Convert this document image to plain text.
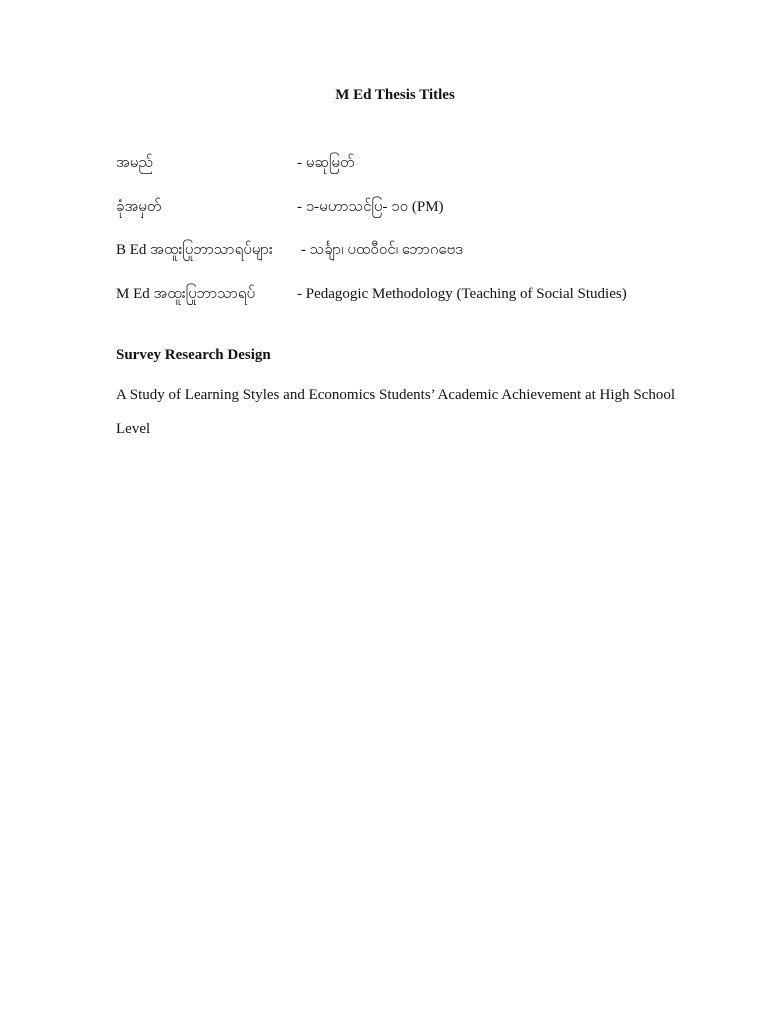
M Ed Thesis Titles
အမည်	- မဆုမြတ်
ခုံအမှတ်	- ၁-မဟာသင်ပြ- ၁၀ (PM)
B Ed အထူးပြုဘာသာရပ်များ - သင်္ချာ၊ ပထဝီဝင်၊ ဘောဂဗေဒ
M Ed အထူးပြုဘာသာရပ်	- Pedagogic Methodology (Teaching of Social Studies)
Survey Research Design
A Study of Learning Styles and Economics Students’ Academic Achievement at High School Level
